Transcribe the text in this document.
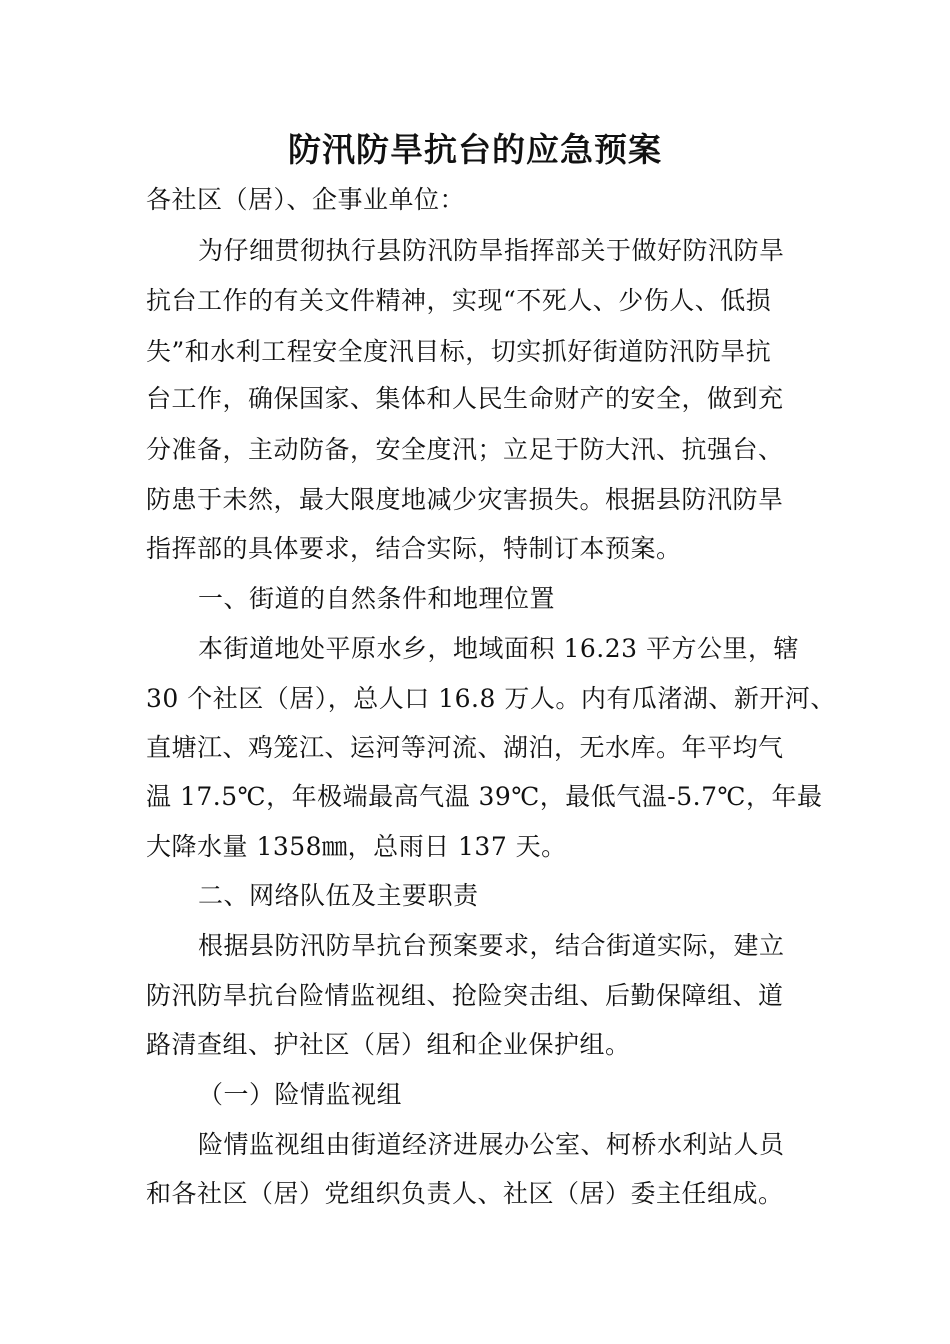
防汛防旱抗台的应急预案
各社区（居）、企事业单位：
为仔细贯彻执行县防汛防旱指挥部关于做好防汛防旱
抗台工作的有关文件精神，实现“不死人、少伤人、低损
失”和水利工程安全度汛目标，切实抓好街道防汛防旱抗
台工作，确保国家、集体和人民生命财产的安全，做到充
分准备，主动防备，安全度汛；立足于防大汛、抗强台、
防患于未然，最大限度地减少灾害损失。根据县防汛防旱
指挥部的具体要求，结合实际，特制订本预案。
一、街道的自然条件和地理位置
本街道地处平原水乡，地域面积 16.23 平方公里，辖
30 个社区（居），总人口 16.8 万人。内有瓜渚湖、新开河、
直塘江、鸡笼江、运河等河流、湖泊，无水库。年平均气
温 17.5℃，年极端最高气温 39℃，最低气温-5.7℃，年最
大降水量 1358㎜，总雨日 137 天。
二、网络队伍及主要职责
根据县防汛防旱抗台预案要求，结合街道实际，建立
防汛防旱抗台险情监视组、抢险突击组、后勤保障组、道
路清查组、护社区（居）组和企业保护组。
（一）险情监视组
险情监视组由街道经济进展办公室、柯桥水利站人员
和各社区（居）党组织负责人、社区（居）委主任组成。
